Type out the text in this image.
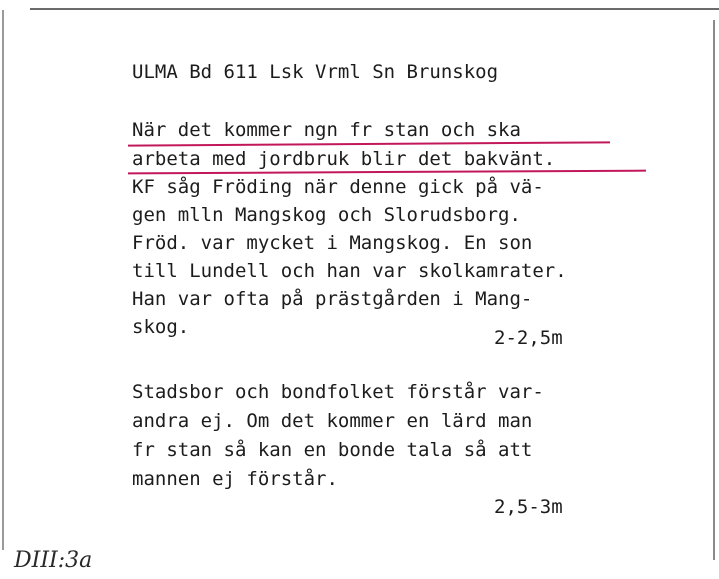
ULMA Bd 611 Lsk Vrml Sn Brunskog
När det kommer ngn fr stan och ska
arbeta med jordbruk blir det bakvänt.
KF såg Fröding när denne gick på vä-
gen mlln Mangskog och Slorudsborg.
Fröd. var mycket i Mangskog. En son
till Lundell och han var skolkamrater.
Han var ofta på prästgården i Mang-
skog.	2-2,5m
Stadsbor och bondfolket förstår var-
andra ej. Om det kommer en lärd man
fr stan så kan en bonde tala så att
mannen ej förstår.
2,5-3m
DIII:3a
